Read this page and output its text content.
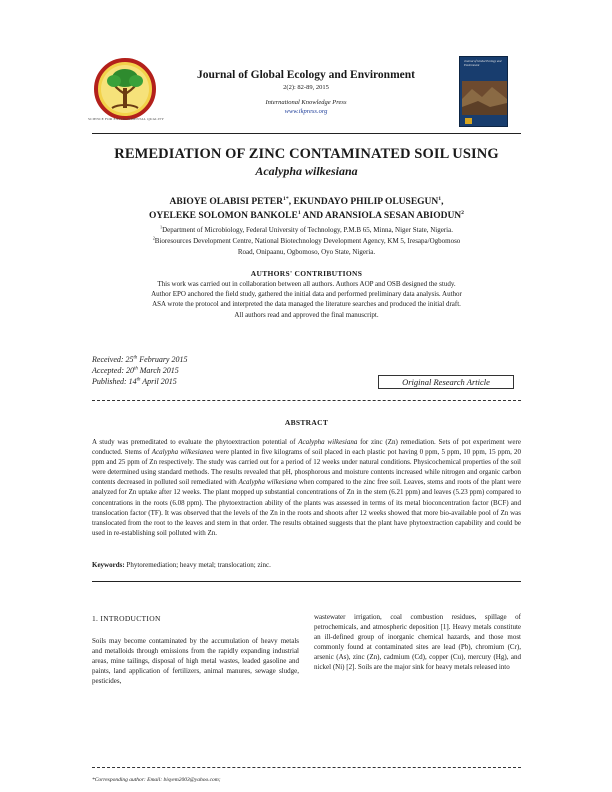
SCIENCE FOR ENVIRONMENTAL QUALITY
Journal of Global Ecology and Environment
2(2): 82-89, 2015
International Knowledge Press
www.ikpress.org
Journal of Global Ecology and Environment
REMEDIATION OF ZINC CONTAMINATED SOIL USING
Acalypha wilkesiana
ABIOYE OLABISI $PETER^{1*}$, EKUNDAYO PHILIP OLUSEGUN$^1$,
OYELEKE SOLOMON BANKOLE$^1$ AND ARANSIOLA SESAN ABIODUN$^2$
$^1$Department of Microbiology, Federal University of Technology, P.M.B 65, Minna, Niger State, Nigeria.
$^2$Bioresources Development Centre, National Biotechnology Development Agency, KM 5, Iresapa/Ogbomoso
Road, Onipaanu, Ogbomoso, Oyo State, Nigeria.
AUTHORS' CONTRIBUTIONS
This work was carried out in collaboration between all authors. Authors AOP and OSB designed the study.
Author EPO anchored the field study, gathered the initial data and performed preliminary data analysis. Author
ASA wrote the protocol and interpreted the data managed the literature searches and produced the initial draft.
All authors read and approved the final manuscript.
Received: 25th February 2015
Accepted: 20th March 2015
Published: 14th April 2015	Original Research Article
ABSTRACT
A study was premeditated to evaluate the phytoextraction potential of Acalypha wilkesiana for zinc (Zn) remediation. Sets of pot experiment were conducted. Stems of Acalypha wilkesianea were planted in five kilograms of soil placed in each plastic pot having 0 ppm, 5 ppm, 10 ppm, 15 ppm, 20 ppm and 25 ppm of Zn respectively. The study was carried out for a period of 12 weeks under natural conditions. Physicochemical properties of the soil were determined using standard methods. The results revealed that pH, phosphorous and moisture contents increased while nitrogen and organic carbon contents decreased in polluted soil remediated with Acalypha wilkesiana when compared to the zinc free soil. Leaves, stems and roots of the plant were analyzed for Zn uptake after 12 weeks. The plant mopped up substantial concentrations of Zn in the stem (6.21 ppm) and leaves (5.23 ppm) compared to concentrations in the roots (6.08 ppm). The phytoextraction ability of the plants was assessed in terms of its metal bioconcentration factor (BCF) and translocation factor (TF). It was observed that the levels of the Zn in the roots and shoots after 12 weeks showed that more bio-available pool of Zn was translocated from the root to the leaves and stem in that order. The results obtained suggests that the plant have phytoextraction capability and could be used in re-establishing soil polluted with Zn.
Keywords: Phytoremediation; heavy metal; translocation; zinc.
1. INTRODUCTION
Soils may become contaminated by the accumulation of heavy metals and metalloids through emissions from the rapidly expanding industrial areas, mine tailings, disposal of high metal wastes, leaded gasoline and paints, land application of fertilizers, animal manures, sewage sludge, pesticides,
wastewater irrigation, coal combustion residues, spillage of petrochemicals, and atmospheric deposition [1]. Heavy metals constitute an ill-defined group of inorganic chemical hazards, and those most commonly found at contaminated sites are lead (Pb), chromium (Cr), arsenic (As), zinc (Zn), cadmium (Cd), copper (Cu), mercury (Hg), and nickel (Ni) [2]. Soils are the major sink for heavy metals released into
*Corresponding author: Email: bisyem2003@yahoo.com;
